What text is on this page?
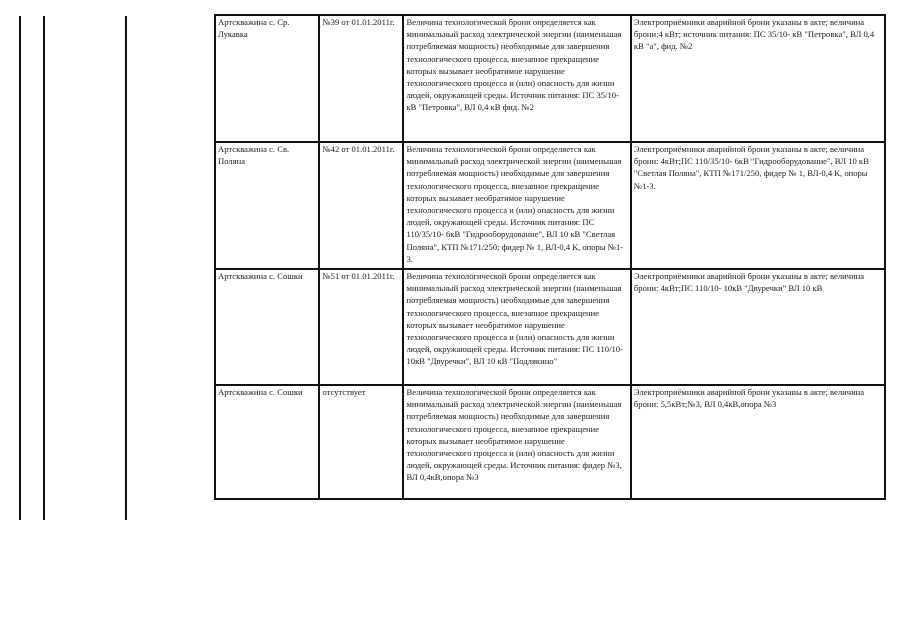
Артскважина с. Ср. Лукавка	№39 от 01.01.2011г.	Величина технологической брони определяется как минимальный расход электрической энергии (наименьшая потребляемая мощность) необходимые для завершения технологического процесса, внезапное прекращение которых вызывает необратимое нарушение технологического процесса и (или) опасность для жизни людей, окружающей среды. Источник питания: ПС 35/10- кВ "Петровка", ВЛ 0,4 кВ фид. №2	Электроприёмники аварийной брони указаны в акте; величина брони:4 кВт; источник питания: ПС 35/10- кВ "Петровка", ВЛ 0,4 кВ "а", фид. №2
Артскважина с. Св. Поляна	№42 от 01.01.2011г.	Величина технологической брони определяется как минимальный расход электрической энергии (наименьшая потребляемая мощность) необходимые для завершения технологического процесса, внезапное прекращение которых вызывает необратимое нарушение технологического процесса и (или) опасность для жизни людей, окружающей среды. Источник питания: ПС 110/35/10- 6кВ "Гидрооборудование", ВЛ 10 кВ "Светлая Поляна", КТП №171/250; фидер № 1, ВЛ-0,4 К, опоры №1-3.	Электроприёмники аварийной брони указаны в акте; величина брони: 4кВт;ПС 110/35/10- 6кВ "Гидрооборудование", ВЛ 10 кВ "Светлая Поляна", КТП №171/250, фидер № 1, ВЛ-0,4 К, опоры №1-3.
Артскважина с. Сошки	№51 от 01.01.2011г.	Величина технологической брони определяется как минимальный расход электрической энергии (наименьшая потребляемая мощность) необходимые для завершения технологического процесса, внезапное прекращение которых вызывает необратимое нарушение технологического процесса и (или) опасность для жизни людей, окружающей среды. Источник питания: ПС 110/10- 10кВ "Двуречки", ВЛ 10 кВ "Подлякино"	Электроприёмники аварийной брони указаны в акте; величина брони: 4кВт;ПС 110/10- 10кВ "Двуречки" ВЛ 10 кВ
Артскважина с. Сошки	отсутствует	Величина технологической брони определяется как минимальный расход электрической энергии (наименьшая потребляемая мощность) необходимые для завершения технологического процесса, внезапное прекращение которых вызывает необратимое нарушение технологического процесса и (или) опасность для жизни людей, окружающей среды. Источник питания: фидер №3, ВЛ 0,4кВ,опора №3	Электроприёмники аварийной брони указаны в акте; величина брони: 5,5кВт;№3, ВЛ 0,4кВ,опора №3
